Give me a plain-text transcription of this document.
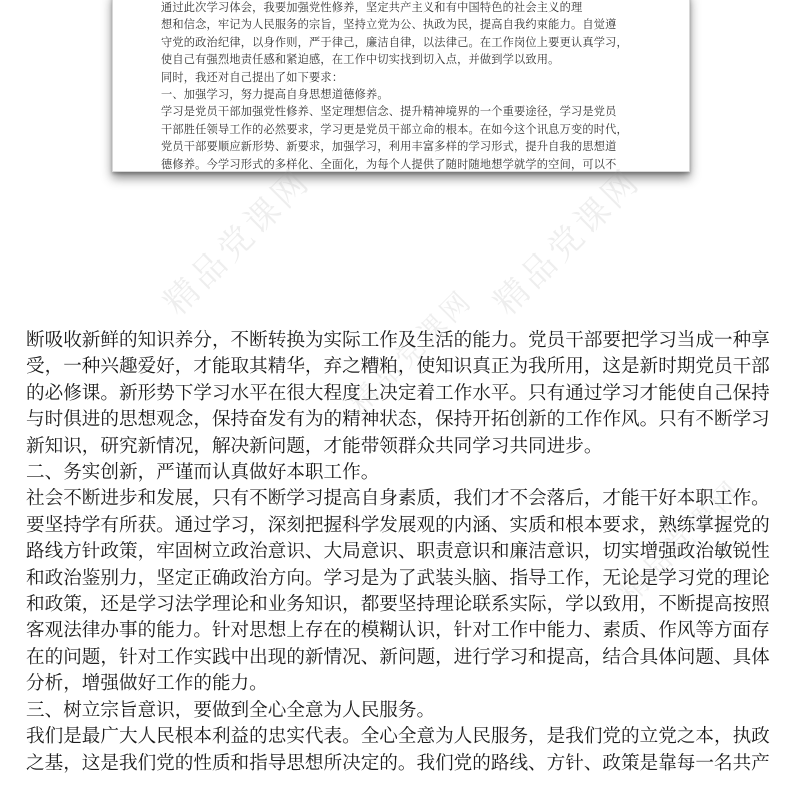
通过此次学习体会，我要加强党性修养，坚定共产主义和有中国特色的社会主义的理
想和信念，牢记为人民服务的宗旨，坚持立党为公、执政为民，提高自我约束能力。自觉遵
守党的政治纪律，以身作则，严于律己，廉洁自律，以法律己。在工作岗位上要更认真学习，
使自己有强烈地责任感和紧迫感，在工作中切实找到切入点，并做到学以致用。
同时，我还对自己提出了如下要求：
一、加强学习，努力提高自身思想道德修养。
学习是党员干部加强党性修养、坚定理想信念、提升精神境界的一个重要途径，学习是党员
干部胜任领导工作的必然要求，学习更是党员干部立命的根本。在如今这个讯息万变的时代，
党员干部要顺应新形势、新要求，加强学习，利用丰富多样的学习形式，提升自我的思想道
德修养。今学习形式的多样化、全面化，为每个人提供了随时随地想学就学的空间，可以不
精品党课网	精品党课网
精品党课网
精品党课网
断吸收新鲜的知识养分，不断转换为实际工作及生活的能力。党员干部要把学习当成一种享
受，一种兴趣爱好，才能取其精华，弃之糟粕，使知识真正为我所用，这是新时期党员干部
的必修课。新形势下学习水平在很大程度上决定着工作水平。只有通过学习才能使自己保持
与时俱进的思想观念，保持奋发有为的精神状态，保持开拓创新的工作作风。只有不断学习
新知识，研究新情况，解决新问题，才能带领群众共同学习共同进步。
二、务实创新，严谨而认真做好本职工作。
社会不断进步和发展，只有不断学习提高自身素质，我们才不会落后，才能干好本职工作。
要坚持学有所获。通过学习，深刻把握科学发展观的内涵、实质和根本要求，熟练掌握党的
路线方针政策，牢固树立政治意识、大局意识、职责意识和廉洁意识，切实增强政治敏锐性
和政治鉴别力，坚定正确政治方向。学习是为了武装头脑、指导工作，无论是学习党的理论
和政策，还是学习法学理论和业务知识，都要坚持理论联系实际，学以致用，不断提高按照
客观法律办事的能力。针对思想上存在的模糊认识，针对工作中能力、素质、作风等方面存
在的问题，针对工作实践中出现的新情况、新问题，进行学习和提高，结合具体问题、具体
分析，增强做好工作的能力。
三、树立宗旨意识，要做到全心全意为人民服务。
我们是最广大人民根本利益的忠实代表。全心全意为人民服务，是我们党的立党之本，执政
之基，这是我们党的性质和指导思想所决定的。我们党的路线、方针、政策是靠每一名共产
